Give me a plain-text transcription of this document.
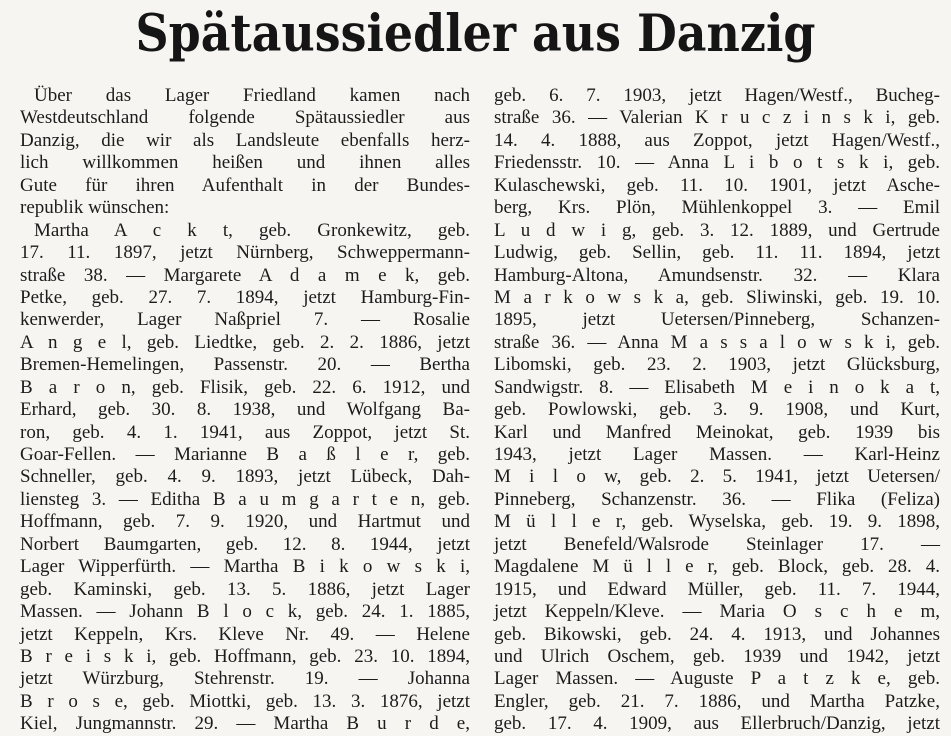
Spätaussiedler aus Danzig
Über das Lager Friedland kamen nach
Westdeutschland folgende Spätaussiedler aus
Danzig, die wir als Landsleute ebenfalls herz-
lich willkommen heißen und ihnen alles
Gute für ihren Aufenthalt in der Bundes-
republik wünschen:
Martha A c k t, geb. Gronkewitz, geb.
17. 11. 1897, jetzt Nürnberg, Schweppermann-
straße 38. — Margarete A d a m e k, geb.
Petke, geb. 27. 7. 1894, jetzt Hamburg-Fin-
kenwerder, Lager Naßpriel 7. — Rosalie
A n g e l, geb. Liedtke, geb. 2. 2. 1886, jetzt
Bremen-Hemelingen, Passenstr. 20. — Bertha
B a r o n, geb. Flisik, geb. 22. 6. 1912, und
Erhard, geb. 30. 8. 1938, und Wolfgang Ba-
ron, geb. 4. 1. 1941, aus Zoppot, jetzt St.
Goar-Fellen. — Marianne B a ß l e r, geb.
Schneller, geb. 4. 9. 1893, jetzt Lübeck, Dah-
liensteg 3. — Editha B a u m g a r t e n, geb.
Hoffmann, geb. 7. 9. 1920, und Hartmut und
Norbert Baumgarten, geb. 12. 8. 1944, jetzt
Lager Wipperfürth. — Martha B i k o w s k i,
geb. Kaminski, geb. 13. 5. 1886, jetzt Lager
Massen. — Johann B l o c k, geb. 24. 1. 1885,
jetzt Keppeln, Krs. Kleve Nr. 49. — Helene
B r e i s k i, geb. Hoffmann, geb. 23. 10. 1894,
jetzt Würzburg, Stehrenstr. 19. — Johanna
B r o s e, geb. Miottki, geb. 13. 3. 1876, jetzt
Kiel, Jungmannstr. 29. — Martha B u r d e,
geb. 6. 7. 1903, jetzt Hagen/Westf., Bucheg-
straße 36. — Valerian K r u c z i n s k i, geb.
14. 4. 1888, aus Zoppot, jetzt Hagen/Westf.,
Friedensstr. 10. — Anna L i b o t s k i, geb.
Kulaschewski, geb. 11. 10. 1901, jetzt Asche-
berg, Krs. Plön, Mühlenkoppel 3. — Emil
L u d w i g, geb. 3. 12. 1889, und Gertrude
Ludwig, geb. Sellin, geb. 11. 11. 1894, jetzt
Hamburg-Altona, Amundsenstr. 32. — Klara
M a r k o w s k a, geb. Sliwinski, geb. 19. 10.
1895, jetzt Uetersen/Pinneberg, Schanzen-
straße 36. — Anna M a s s a l o w s k i, geb.
Libomski, geb. 23. 2. 1903, jetzt Glücksburg,
Sandwigstr. 8. — Elisabeth M e i n o k a t,
geb. Powlowski, geb. 3. 9. 1908, und Kurt,
Karl und Manfred Meinokat, geb. 1939 bis
1943, jetzt Lager Massen. — Karl-Heinz
M i l o w, geb. 2. 5. 1941, jetzt Uetersen/
Pinneberg, Schanzenstr. 36. — Flika (Feliza)
M ü l l e r, geb. Wyselska, geb. 19. 9. 1898,
jetzt Benefeld/Walsrode Steinlager 17. —
Magdalene M ü l l e r, geb. Block, geb. 28. 4.
1915, und Edward Müller, geb. 11. 7. 1944,
jetzt Keppeln/Kleve. — Maria O s c h e m,
geb. Bikowski, geb. 24. 4. 1913, und Johannes
und Ulrich Oschem, geb. 1939 und 1942, jetzt
Lager Massen. — Auguste P a t z k e, geb.
Engler, geb. 21. 7. 1886, und Martha Patzke,
geb. 17. 4. 1909, aus Ellerbruch/Danzig, jetzt
